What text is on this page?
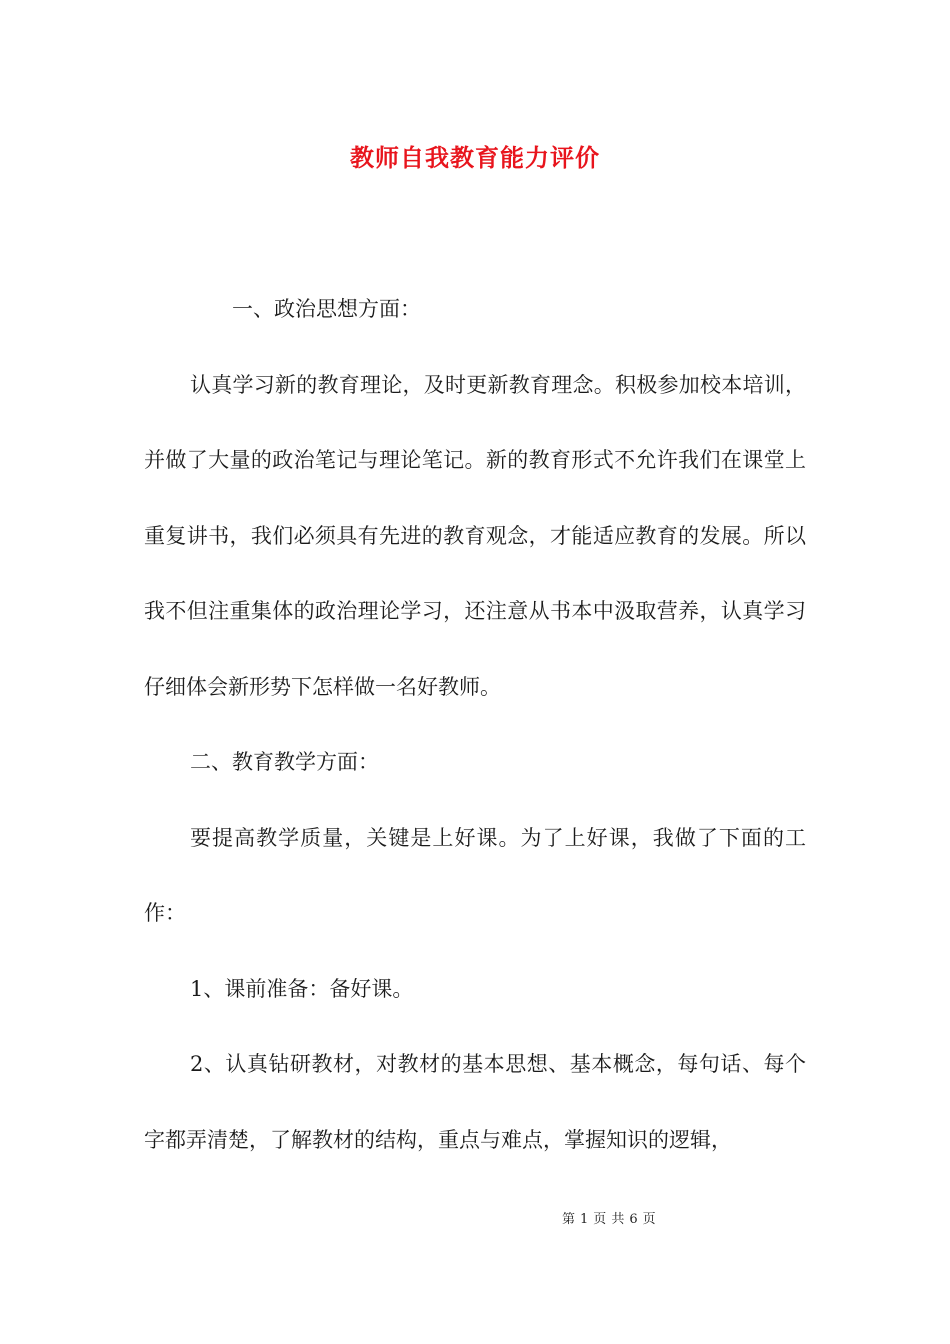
教师自我教育能力评价

一、政治思想方面：

认真学习新的教育理论，及时更新教育理念。积极参加校本培训，并做了大量的政治笔记与理论笔记。新的教育形式不允许我们在课堂上重复讲书，我们必须具有先进的教育观念，才能适应教育的发展。所以我不但注重集体的政治理论学习，还注意从书本中汲取营养，认真学习仔细体会新形势下怎样做一名好教师。

二、教育教学方面：

要提高教学质量，关键是上好课。为了上好课，我做了下面的工作：

1、课前准备：备好课。

2、认真钻研教材，对教材的基本思想、基本概念，每句话、每个字都弄清楚，了解教材的结构，重点与难点，掌握知识的逻辑，

第 1 页 共 6 页
